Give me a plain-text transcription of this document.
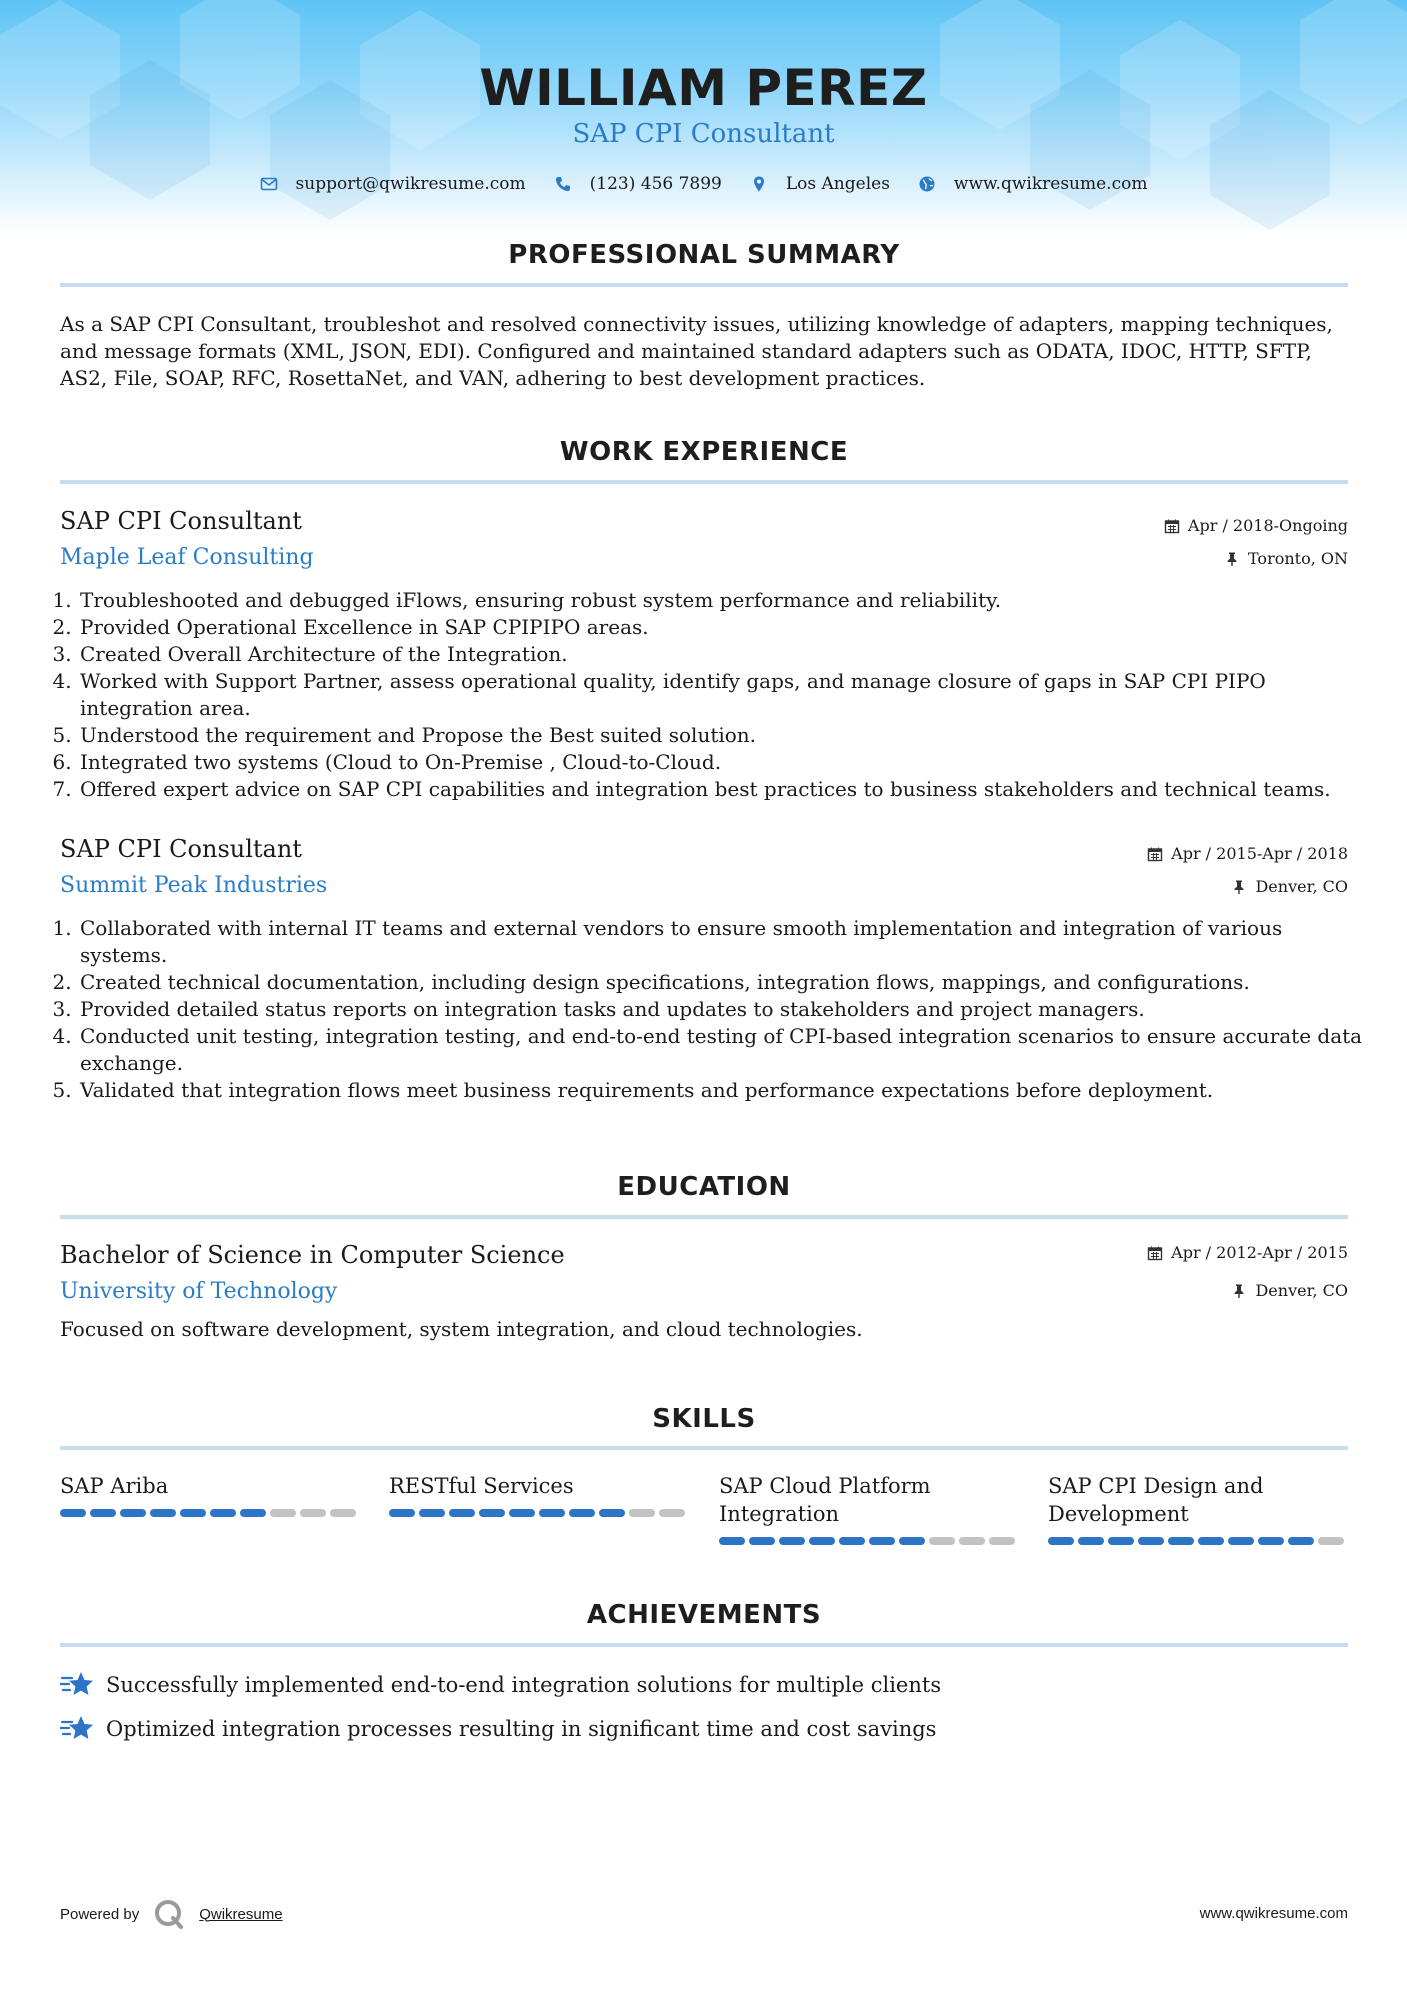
WILLIAM PEREZ
SAP CPI Consultant
support@qwikresume.com	(123) 456 7899	Los Angeles	www.qwikresume.com
PROFESSIONAL SUMMARY
As a SAP CPI Consultant, troubleshot and resolved connectivity issues, utilizing knowledge of adapters, mapping techniques, and message formats (XML, JSON, EDI). Configured and maintained standard adapters such as ODATA, IDOC, HTTP, SFTP, AS2, File, SOAP, RFC, RosettaNet, and VAN, adhering to best development practices.
WORK EXPERIENCE
SAP CPI Consultant	Apr / 2018-Ongoing
Maple Leaf Consulting	Toronto, ON
1. Troubleshooted and debugged iFlows, ensuring robust system performance and reliability.
2. Provided Operational Excellence in SAP CPIPIPO areas.
3. Created Overall Architecture of the Integration.
4. Worked with Support Partner, assess operational quality, identify gaps, and manage closure of gaps in SAP CPI PIPO integration area.
5. Understood the requirement and Propose the Best suited solution.
6. Integrated two systems (Cloud to On-Premise , Cloud-to-Cloud.
7. Offered expert advice on SAP CPI capabilities and integration best practices to business stakeholders and technical teams.
SAP CPI Consultant	Apr / 2015-Apr / 2018
Summit Peak Industries	Denver, CO
1. Collaborated with internal IT teams and external vendors to ensure smooth implementation and integration of various systems.
2. Created technical documentation, including design specifications, integration flows, mappings, and configurations.
3. Provided detailed status reports on integration tasks and updates to stakeholders and project managers.
4. Conducted unit testing, integration testing, and end-to-end testing of CPI-based integration scenarios to ensure accurate data exchange.
5. Validated that integration flows meet business requirements and performance expectations before deployment.
EDUCATION
Bachelor of Science in Computer Science	Apr / 2012-Apr / 2015
University of Technology	Denver, CO
Focused on software development, system integration, and cloud technologies.
SKILLS
SAP Ariba	RESTful Services	SAP Cloud Platform Integration
SAP CPI Design and Development
ACHIEVEMENTS
Successfully implemented end-to-end integration solutions for multiple clients
Optimized integration processes resulting in significant time and cost savings
Powered by	Qwikresume	www.qwikresume.com
